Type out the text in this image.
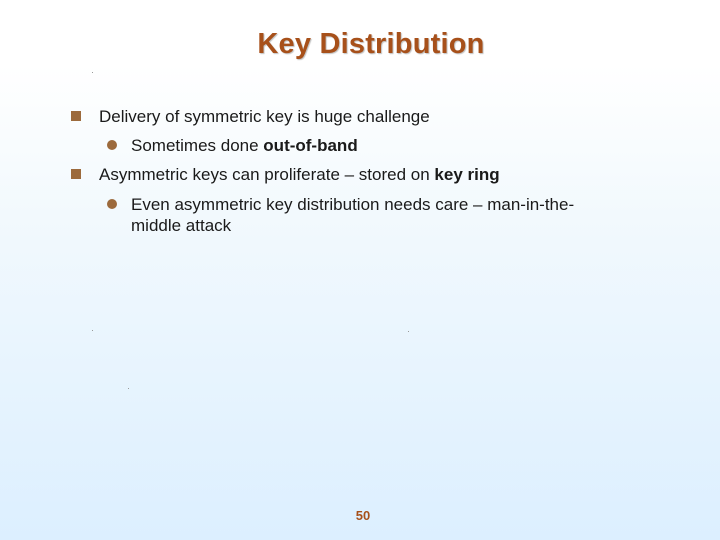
Key Distribution
Delivery of symmetric key is huge challenge
Sometimes done out-of-band
Asymmetric keys can proliferate – stored on key ring
Even asymmetric key distribution needs care – man-in-the-middle attack
50
